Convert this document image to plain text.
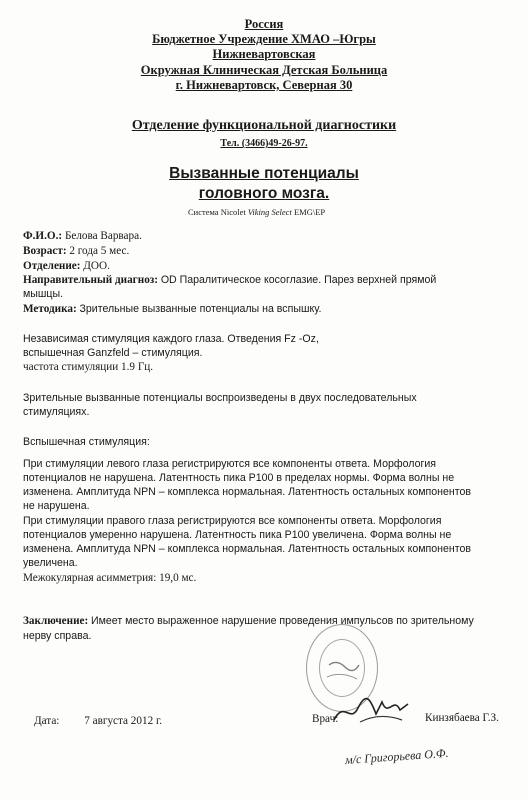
Россия
Бюджетное Учреждение ХМАО –Югры
Нижневартовская
Окружная Клиническая Детская Больница
г. Нижневартовск, Северная 30
Отделение функциональной диагностики
Тел. (3466)49-26-97.
Вызванные потенциалы
головного мозга.
Система Nicolet Viking Select EMG\EP
Ф.И.О.: Белова Варвара.
Возраст: 2 года 5 мес.
Отделение: ДОО.
Направительный диагноз: OD Паралитическое косоглазие. Парез верхней прямой
мышцы.
Методика: Зрительные вызванные потенциалы на вспышку.
Независимая стимуляция каждого глаза. Отведения Fz -Oz,
вспышечная Ganzfeld – стимуляция.
частота стимуляции 1.9 Гц.
Зрительные вызванные потенциалы воспроизведены в двух последовательных
стимуляциях.
Вспышечная стимуляция:
При стимуляции левого глаза регистрируются все компоненты ответа. Морфология
потенциалов не нарушена. Латентность пика P100 в пределах нормы. Форма волны не
изменена. Амплитуда NPN – комплекса нормальная. Латентность остальных компонентов
не нарушена.
При стимуляции правого глаза регистрируются все компоненты ответа. Морфология
потенциалов умеренно нарушена. Латентность пика P100 увеличена. Форма волны не
изменена. Амплитуда NPN – комплекса нормальная. Латентность остальных компонентов
увеличена.
Межокулярная асимметрия: 19,0 мс.
Заключение: Имеет место выраженное нарушение проведения импульсов по зрительному
нерву справа.
Дата: 7 августа 2012 г.	Врач:	Кинзябаева Г.З.
м/с Григорьева О.Ф.
